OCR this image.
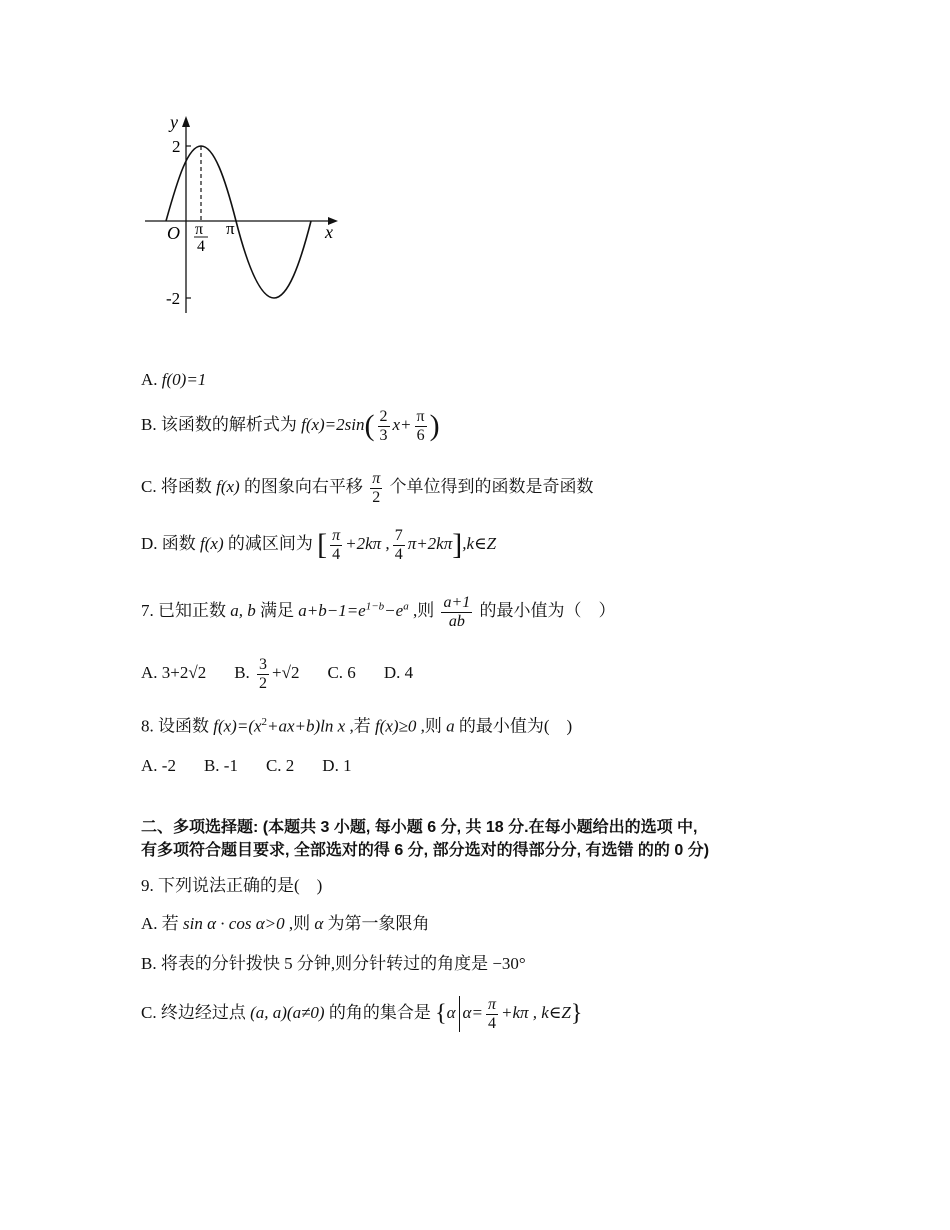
y
x
O
2
-2
π
π
4
A. f(0)=1
B. 该函数的解析式为 $f(x)=2\sin( \frac{2}{3} x+ \frac{\pi}{6}$ )
C. 将函数 f(x) 的图象向右平移 $\frac{\pi}{2}$ 个单位得到的函数是奇函数
D. 函数 f(x) 的减区间为 [ $\frac{\pi}{4} +2k\pi$ , $\frac{7}{4}$ π+2kπ],k∈Z
7. 已知正数 a, b 满足 $a+b-1=e^{1-b}-e^a$ ,则 $\frac{a+1}{ab}$ 的最小值为（　）
A. 3+2√2 B. $\frac{3}{2} +√2$ C. 6 D. 4
8. 设函数 $f(x)=(x^2+ax+b)\ln$ x ,若 f(x)≥0 ,则 a 的最小值为(　)
A. -2 B. -1 C. 2 D. 1
二、多项选择题: (本题共 3 小题, 每小题 6 分, 共 18 分.在每小题给出的选项 中,
有多项符合题目要求, 全部选对的得 6 分, 部分选对的得部分分, 有选错 的的 0 分)
9. 下列说法正确的是(　)
A. 若 sin α · cos α>0 ,则 α 为第一象限角
B. 将表的分针拨快 5 分钟,则分针转过的角度是 −30°
C. 终边经过点 (a, a)(a≠0) 的角的集合是 {α $\alpha= \frac{\pi}{4} +k\pi$ , k∈Z}
